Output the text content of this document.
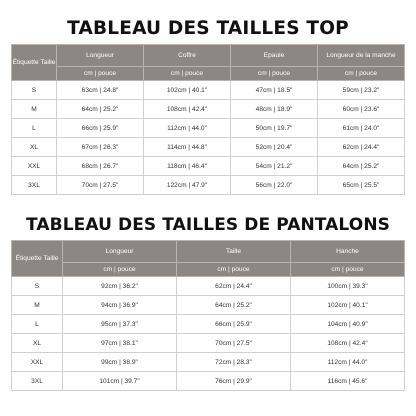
TABLEAU DES TAILLES TOP
Étiquette Taille	Longueur	Coffre	Epaule	Longueur de la manche
	cm | pouce	cm | pouce	cm | pouce	cm | pouce
S	63cm | 24.8"	102cm | 40.1"	47cm | 18.5"	59cm | 23.2"
M	64cm | 25.2"	108cm | 42.4"	48cm | 18.9"	60cm | 23.6"
L	66cm | 25.9"	112cm | 44.0"	50cm | 19.7"	61cm | 24.0"
XL	67cm | 26.3"	114cm | 44.8"	52cm | 20.4"	62cm | 24.4"
XXL	68cm | 26.7"	118cm | 46.4"	54cm | 21.2"	64cm | 25.2"
3XL	70cm | 27.5"	122cm | 47.9"	56cm | 22.0"	65cm | 25.5"
TABLEAU DES TAILLES DE PANTALONS
Étiquette Taille	Longueur	Taille	Hanche
	cm | pouce	cm | pouce	cm | pouce
S	92cm | 36.2"	62cm | 24.4"	100cm | 39.3"
M	94cm | 36.9"	64cm | 25.2"	102cm | 40.1"
L	95cm | 37.3"	66cm | 25.9"	104cm | 40.9"
XL	97cm | 38.1"	70cm | 27.5"	108cm | 42.4"
XXL	99cm | 38.9"	72cm | 28.3"	112cm | 44.0"
3XL	101cm | 39.7"	76cm | 29.9"	116cm | 45.6"
